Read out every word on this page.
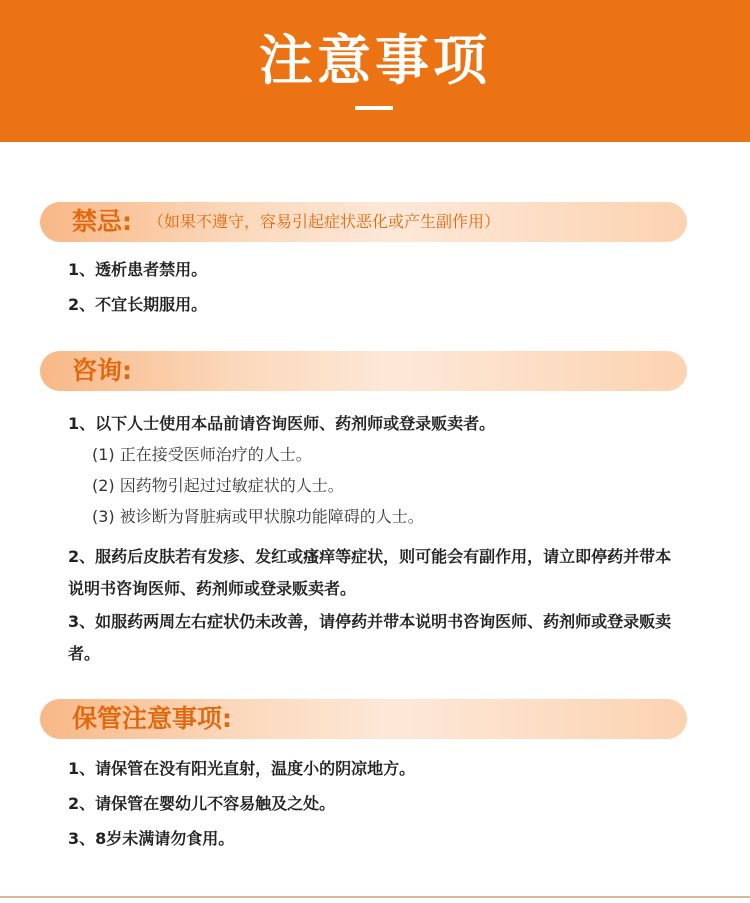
注意事项
禁忌: （如果不遵守，容易引起症状恶化或产生副作用）
1、透析患者禁用。
2、不宜长期服用。
咨询:
1、以下人士使用本品前请咨询医师、药剂师或登录贩卖者。
(1) 正在接受医师治疗的人士。
(2) 因药物引起过过敏症状的人士。
(3) 被诊断为肾脏病或甲状腺功能障碍的人士。
2、服药后皮肤若有发疹、发红或瘙痒等症状，则可能会有副作用，请立即停药并带本说明书咨询医师、药剂师或登录贩卖者。
3、如服药两周左右症状仍未改善，请停药并带本说明书咨询医师、药剂师或登录贩卖者。
保管注意事项:
1、请保管在没有阳光直射，温度小的阴凉地方。
2、请保管在婴幼儿不容易触及之处。
3、8岁未满请勿食用。
